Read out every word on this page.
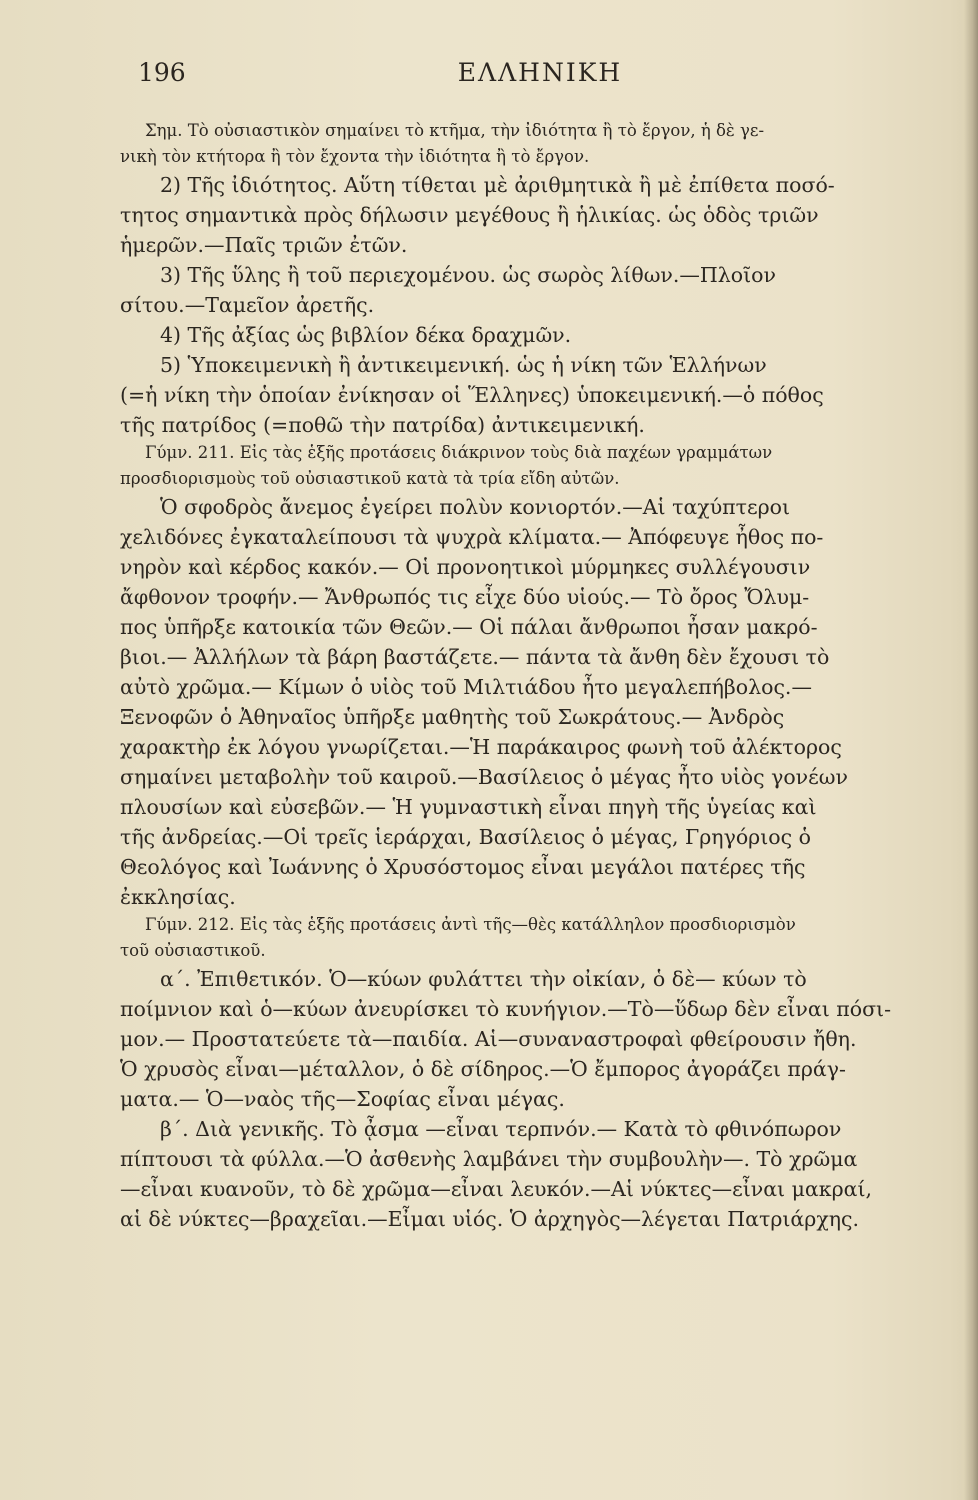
196	ΕΛΛΗΝΙΚΗ
Σημ. Τὸ οὐσιαστικὸν σημαίνει τὸ κτῆμα, τὴν ἰδιότητα ἢ τὸ ἔργον, ἡ δὲ γε-
νικὴ τὸν κτήτορα ἢ τὸν ἔχοντα τὴν ἰδιότητα ἢ τὸ ἔργον.
2) Τῆς ἰδιότητος. Αὕτη τίθεται μὲ ἀριθμητικὰ ἢ μὲ ἐπίθετα ποσό-
τητος σημαντικὰ πρὸς δήλωσιν μεγέθους ἢ ἡλικίας. ὡς ὁδὸς τριῶν
ἡμερῶν.—Παῖς τριῶν ἐτῶν.
3) Τῆς ὕλης ἢ τοῦ περιεχομένου. ὡς σωρὸς λίθων.—Πλοῖον
σίτου.—Ταμεῖον ἀρετῆς.
4) Τῆς ἀξίας ὡς βιβλίον δέκα δραχμῶν.
5) Ὑποκειμενικὴ ἢ ἀντικειμενική. ὡς ἡ νίκη τῶν Ἑλλήνων
(=ἡ νίκη τὴν ὁποίαν ἐνίκησαν οἱ Ἕλληνες) ὑποκειμενική.—ὁ πόθος
τῆς πατρίδος (=ποθῶ τὴν πατρίδα) ἀντικειμενική.
Γύμν. 211. Εἰς τὰς ἑξῆς προτάσεις διάκρινον τοὺς διὰ παχέων γραμμάτων
προσδιορισμοὺς τοῦ οὐσιαστικοῦ κατὰ τὰ τρία εἴδη αὐτῶν.
Ὁ σφοδρὸς ἄνεμος ἐγείρει πολὺν κονιορτόν.—Αἱ ταχύπτεροι
χελιδόνες ἐγκαταλείπουσι τὰ ψυχρὰ κλίματα.— Ἀπόφευγε ἦθος πο-
νηρὸν καὶ κέρδος κακόν.— Οἱ προνοητικοὶ μύρμηκες συλλέγουσιν
ἄφθονον τροφήν.— Ἄνθρωπός τις εἶχε δύο υἱούς.— Τὸ ὄρος Ὄλυμ-
πος ὑπῆρξε κατοικία τῶν Θεῶν.— Οἱ πάλαι ἄνθρωποι ἦσαν μακρό-
βιοι.— Ἀλλήλων τὰ βάρη βαστάζετε.— πάντα τὰ ἄνθη δὲν ἔχουσι τὸ
αὐτὸ χρῶμα.— Κίμων ὁ υἱὸς τοῦ Μιλτιάδου ἦτο μεγαλεπήβολος.—
Ξενοφῶν ὁ Ἀθηναῖος ὑπῆρξε μαθητὴς τοῦ Σωκράτους.— Ἀνδρὸς
χαρακτὴρ ἐκ λόγου γνωρίζεται.—Ἡ παράκαιρος φωνὴ τοῦ ἀλέκτορος
σημαίνει μεταβολὴν τοῦ καιροῦ.—Βασίλειος ὁ μέγας ἦτο υἱὸς γονέων
πλουσίων καὶ εὐσεβῶν.— Ἡ γυμναστικὴ εἶναι πηγὴ τῆς ὑγείας καὶ
τῆς ἀνδρείας.—Οἱ τρεῖς ἱεράρχαι, Βασίλειος ὁ μέγας, Γρηγόριος ὁ
Θεολόγος καὶ Ἰωάννης ὁ Χρυσόστομος εἶναι μεγάλοι πατέρες τῆς
ἐκκλησίας.
Γύμν. 212. Εἰς τὰς ἑξῆς προτάσεις ἀντὶ τῆς—θὲς κατάλληλον προσδιορισμὸν
τοῦ οὐσιαστικοῦ.
α΄. Ἐπιθετικόν. Ὁ—κύων φυλάττει τὴν οἰκίαν, ὁ δὲ— κύων τὸ
ποίμνιον καὶ ὁ—κύων ἀνευρίσκει τὸ κυνήγιον.—Τὸ—ὕδωρ δὲν εἶναι πόσι-
μον.— Προστατεύετε τὰ—παιδία. Αἱ—συναναστροφαὶ φθείρουσιν ἤθη.
Ὁ χρυσὸς εἶναι—μέταλλον, ὁ δὲ σίδηρος.—Ὁ ἔμπορος ἀγοράζει πράγ-
ματα.— Ὁ—ναὸς τῆς—Σοφίας εἶναι μέγας.
β΄. Διὰ γενικῆς. Τὸ ᾆσμα —εἶναι τερπνόν.— Κατὰ τὸ φθινόπωρον
πίπτουσι τὰ φύλλα.—Ὁ ἀσθενὴς λαμβάνει τὴν συμβουλὴν—. Τὸ χρῶμα
—εἶναι κυανοῦν, τὸ δὲ χρῶμα—εἶναι λευκόν.—Αἱ νύκτες—εἶναι μακραί,
αἱ δὲ νύκτες—βραχεῖαι.—Εἶμαι υἱός. Ὁ ἀρχηγὸς—λέγεται Πατριάρχης.
